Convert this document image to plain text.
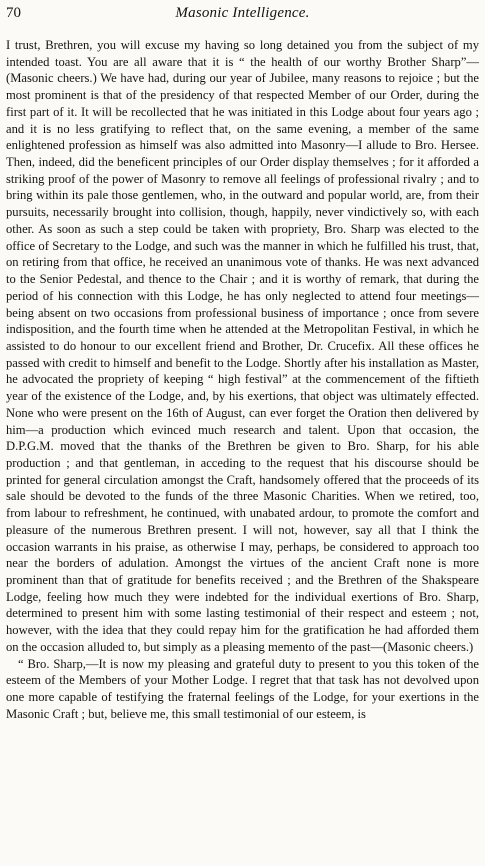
70	Masonic Intelligence.

I trust, Brethren, you will excuse my having so long detained you from the subject of my intended toast. You are all aware that it is “ the health of our worthy Brother Sharp”—(Masonic cheers.) We have had, during our year of Jubilee, many reasons to rejoice ; but the most prominent is that of the presidency of that respected Member of our Order, during the first part of it. It will be recollected that he was initiated in this Lodge about four years ago ; and it is no less gratifying to reflect that, on the same evening, a member of the same enlightened profession as himself was also admitted into Masonry—I allude to Bro. Hersee. Then, indeed, did the beneficent principles of our Order display themselves ; for it afforded a striking proof of the power of Masonry to remove all feelings of professional rivalry ; and to bring within its pale those gentlemen, who, in the outward and popular world, are, from their pursuits, necessarily brought into collision, though, happily, never vindictively so, with each other. As soon as such a step could be taken with propriety, Bro. Sharp was elected to the office of Secretary to the Lodge, and such was the manner in which he fulfilled his trust, that, on retiring from that office, he received an unanimous vote of thanks. He was next advanced to the Senior Pedestal, and thence to the Chair ; and it is worthy of remark, that during the period of his connection with this Lodge, he has only neglected to attend four meetings—being absent on two occasions from professional business of importance ; once from severe indisposition, and the fourth time when he attended at the Metropolitan Festival, in which he assisted to do honour to our excellent friend and Brother, Dr. Crucefix. All these offices he passed with credit to himself and benefit to the Lodge. Shortly after his installation as Master, he advocated the propriety of keeping “ high festival” at the commencement of the fiftieth year of the existence of the Lodge, and, by his exertions, that object was ultimately effected. None who were present on the 16th of August, can ever forget the Oration then delivered by him—a production which evinced much research and talent. Upon that occasion, the D.P.G.M. moved that the thanks of the Brethren be given to Bro. Sharp, for his able production ; and that gentleman, in acceding to the request that his discourse should be printed for general circulation amongst the Craft, handsomely offered that the proceeds of its sale should be devoted to the funds of the three Masonic Charities. When we retired, too, from labour to refreshment, he continued, with unabated ardour, to promote the comfort and pleasure of the numerous Brethren present. I will not, however, say all that I think the occasion warrants in his praise, as otherwise I may, perhaps, be considered to approach too near the borders of adulation. Amongst the virtues of the ancient Craft none is more prominent than that of gratitude for benefits received ; and the Brethren of the Shakspeare Lodge, feeling how much they were indebted for the individual exertions of Bro. Sharp, determined to present him with some lasting testimonial of their respect and esteem ; not, however, with the idea that they could repay him for the gratification he had afforded them on the occasion alluded to, but simply as a pleasing memento of the past—(Masonic cheers.)

“ Bro. Sharp,—It is now my pleasing and grateful duty to present to you this token of the esteem of the Members of your Mother Lodge. I regret that that task has not devolved upon one more capable of testifying the fraternal feelings of the Lodge, for your exertions in the Masonic Craft ; but, believe me, this small testimonial of our esteem, is
